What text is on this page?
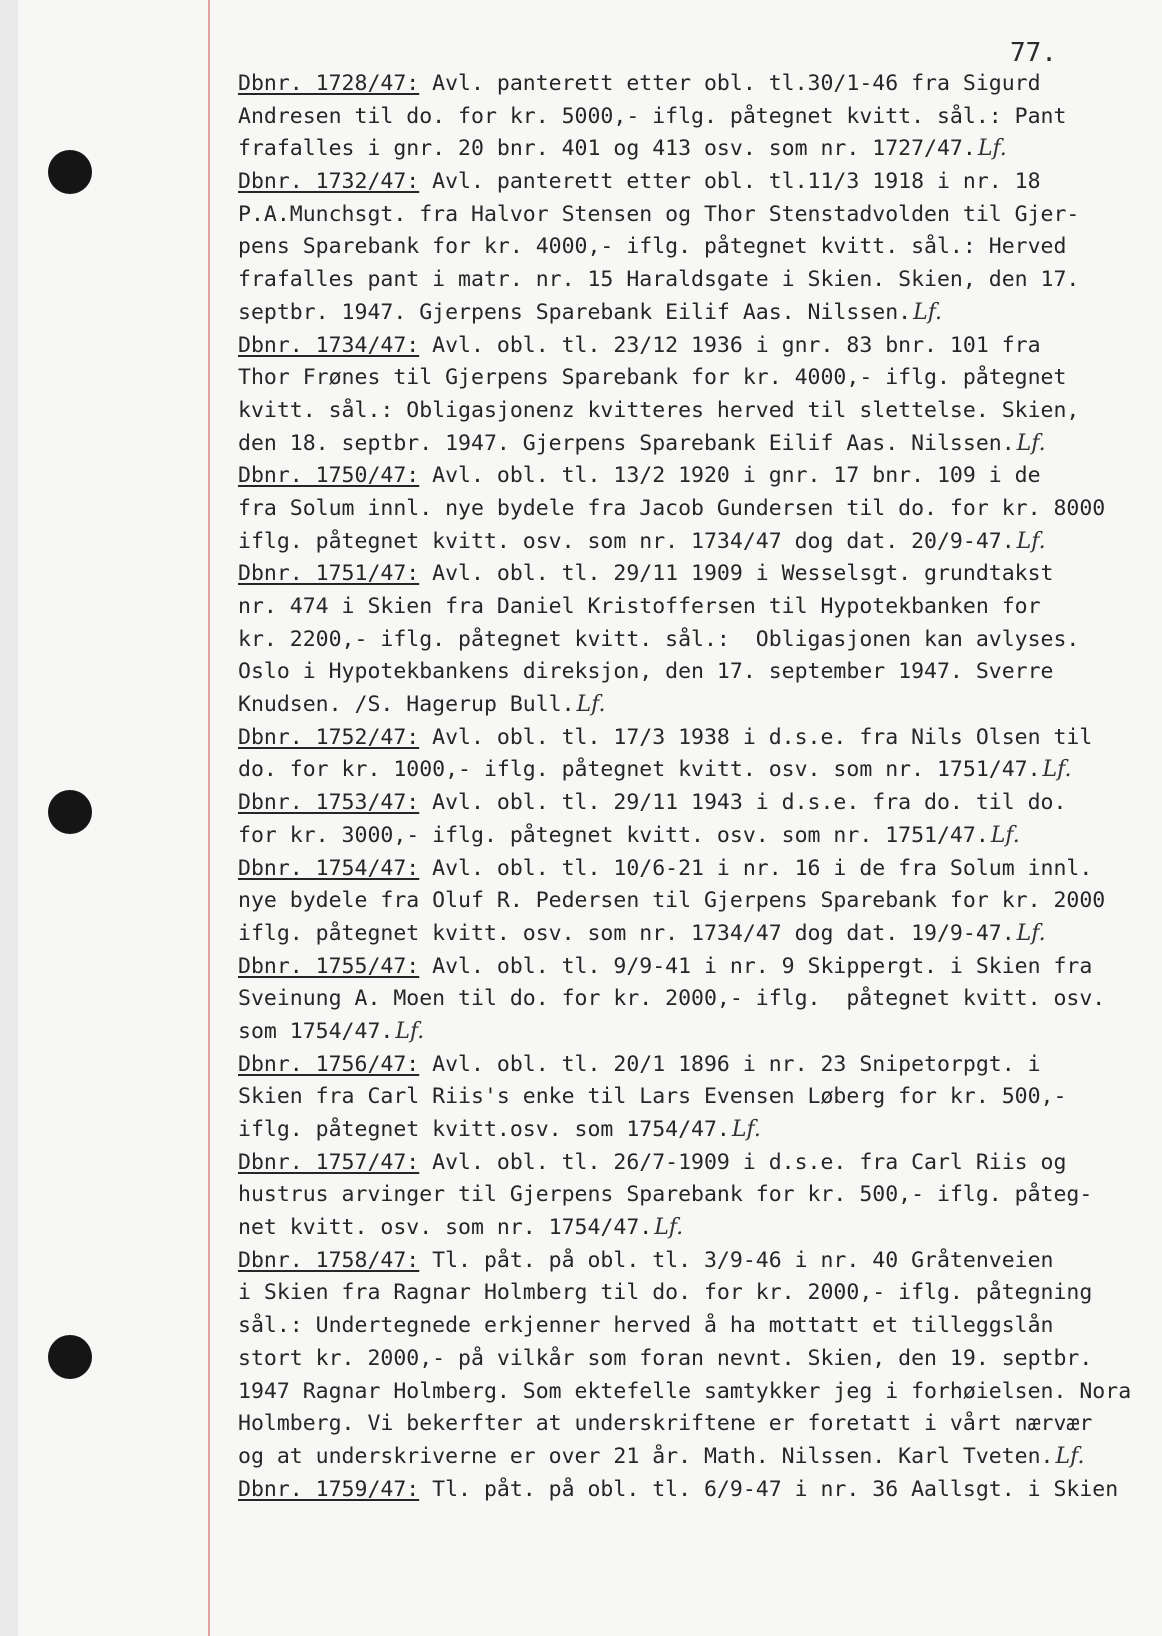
77.
Dbnr. 1728/47: Avl. panterett etter obl. tl.30/1-46 fra Sigurd
Andresen til do. for kr. 5000,- iflg. påtegnet kvitt. sål.: Pant
frafalles i gnr. 20 bnr. 401 og 413 osv. som nr. 1727/47.Lf.
Dbnr. 1732/47: Avl. panterett etter obl. tl.11/3 1918 i nr. 18
P.A.Munchsgt. fra Halvor Stensen og Thor Stenstadvolden til Gjer-
pens Sparebank for kr. 4000,- iflg. påtegnet kvitt. sål.: Herved
frafalles pant i matr. nr. 15 Haraldsgate i Skien. Skien, den 17.
septbr. 1947. Gjerpens Sparebank Eilif Aas. Nilssen.Lf.
Dbnr. 1734/47: Avl. obl. tl. 23/12 1936 i gnr. 83 bnr. 101 fra
Thor Frønes til Gjerpens Sparebank for kr. 4000,- iflg. påtegnet
kvitt. sål.: Obligasjonenz kvitteres herved til slettelse. Skien,
den 18. septbr. 1947. Gjerpens Sparebank Eilif Aas. Nilssen.Lf.
Dbnr. 1750/47: Avl. obl. tl. 13/2 1920 i gnr. 17 bnr. 109 i de
fra Solum innl. nye bydele fra Jacob Gundersen til do. for kr. 8000
iflg. påtegnet kvitt. osv. som nr. 1734/47 dog dat. 20/9-47.Lf.
Dbnr. 1751/47: Avl. obl. tl. 29/11 1909 i Wesselsgt. grundtakst
nr. 474 i Skien fra Daniel Kristoffersen til Hypotekbanken for
kr. 2200,- iflg. påtegnet kvitt. sål.:  Obligasjonen kan avlyses.
Oslo i Hypotekbankens direksjon, den 17. september 1947. Sverre
Knudsen. /S. Hagerup Bull.Lf.
Dbnr. 1752/47: Avl. obl. tl. 17/3 1938 i d.s.e. fra Nils Olsen til
do. for kr. 1000,- iflg. påtegnet kvitt. osv. som nr. 1751/47.Lf.
Dbnr. 1753/47: Avl. obl. tl. 29/11 1943 i d.s.e. fra do. til do.
for kr. 3000,- iflg. påtegnet kvitt. osv. som nr. 1751/47.Lf.
Dbnr. 1754/47: Avl. obl. tl. 10/6-21 i nr. 16 i de fra Solum innl.
nye bydele fra Oluf R. Pedersen til Gjerpens Sparebank for kr. 2000
iflg. påtegnet kvitt. osv. som nr. 1734/47 dog dat. 19/9-47.Lf.
Dbnr. 1755/47: Avl. obl. tl. 9/9-41 i nr. 9 Skippergt. i Skien fra
Sveinung A. Moen til do. for kr. 2000,- iflg.  påtegnet kvitt. osv.
som 1754/47.Lf.
Dbnr. 1756/47: Avl. obl. tl. 20/1 1896 i nr. 23 Snipetorpgt. i
Skien fra Carl Riis's enke til Lars Evensen Løberg for kr. 500,-
iflg. påtegnet kvitt.osv. som 1754/47.Lf.
Dbnr. 1757/47: Avl. obl. tl. 26/7-1909 i d.s.e. fra Carl Riis og
hustrus arvinger til Gjerpens Sparebank for kr. 500,- iflg. påteg-
net kvitt. osv. som nr. 1754/47.Lf.
Dbnr. 1758/47: Tl. påt. på obl. tl. 3/9-46 i nr. 40 Gråtenveien
i Skien fra Ragnar Holmberg til do. for kr. 2000,- iflg. påtegning
sål.: Undertegnede erkjenner herved å ha mottatt et tilleggslån
stort kr. 2000,- på vilkår som foran nevnt. Skien, den 19. septbr.
1947 Ragnar Holmberg. Som ektefelle samtykker jeg i forhøielsen. Nora
Holmberg. Vi bekerfter at underskriftene er foretatt i vårt nærvær
og at underskriverne er over 21 år. Math. Nilssen. Karl Tveten.Lf.
Dbnr. 1759/47: Tl. påt. på obl. tl. 6/9-47 i nr. 36 Aallsgt. i Skien
